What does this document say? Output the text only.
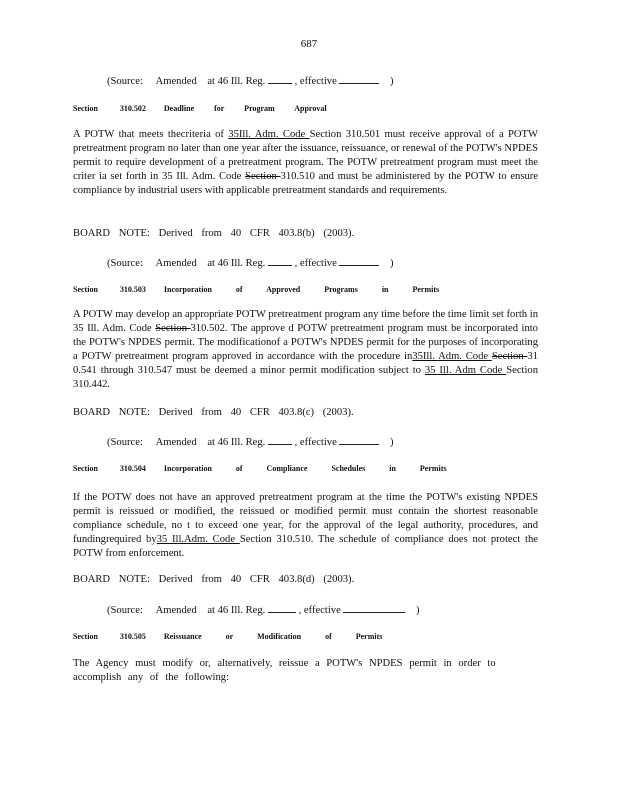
687
(Source: Amended at 46 Ill. Reg.	, effective	)
Section 310.502 Deadline for Program Approval
A POTW that meets thecriteria of 35Ill. Adm. Code Section 310.501 must receive approval of a POTW pretreatment program no later than one year after the issuance, reissuance, or renewal of the POTW's NPDES permit to require development of a pretreatment program. The POTW pretreatment program must meet the criter ia set forth in 35 Ill. Adm. Code Section 310.510 and must be administered by the POTW to ensure compliance by industrial users with applicable pretreatment standards and requirements.
BOARD NOTE: Derived from 40 CFR 403.8(b) (2003).
(Source: Amended at 46 Ill. Reg.	, effective	)
Section 310.503 Incorporation of Approved Programs in Permits
A POTW may develop an appropriate POTW pretreatment program any time before the time limit set forth in 35 Ill. Adm. Code Section 310.502. The approve d POTW pretreatment program must be incorporated into the POTW's NPDES permit. The modificationof a POTW's NPDES permit for the purposes of incorporating a POTW pretreatment program approved in accordance with the procedure in35Ill. Adm. Code Section 31 0.541 through 310.547 must be deemed a minor permit modification subject to 35 Ill. Adm Code Section 310.442.
BOARD NOTE: Derived from 40 CFR 403.8(c) (2003).
(Source: Amended at 46 Ill. Reg.	, effective	)
Section 310.504 Incorporation of Compliance Schedules in Permits
If the POTW does not have an approved pretreatment program at the time the POTW's existing NPDES permit is reissued or modified, the reissued or modified permit must contain the shortest reasonable compliance schedule, no t to exceed one year, for the approval of the legal authority, procedures, and fundingrequired by35 Ill.Adm. Code Section 310.510. The schedule of compliance does not protect the POTW from enforcement.
BOARD NOTE: Derived from 40 CFR 403.8(d) (2003).
(Source: Amended at 46 Ill. Reg.	, effective	)
Section 310.505 Reissuance or Modification of Permits
The Agency must modify or, alternatively, reissue a POTW's NPDES permit in order to accomplish any of the following:
